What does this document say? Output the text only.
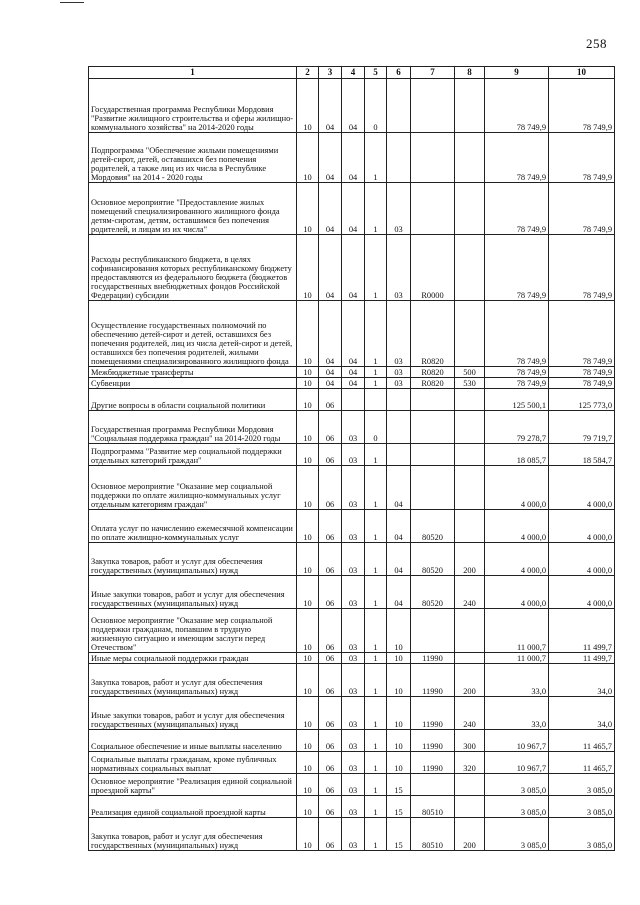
258
1	2	3	4	5	6	7	8	9	10
Государственная программа Республики Мордовия "Развитие жилищного строительства и сферы жилищно-коммунального хозяйства" на 2014-2020 годы	10	04	04	0				78 749,9	78 749,9
Подпрограмма "Обеспечение жильми помещениями детей-сирот, детей, оставшихся без попечения родителей, а также лиц из их числа в Республике Мордовия" на 2014 - 2020 годы	10	04	04	1				78 749,9	78 749,9
Основное мероприятие "Предоставление жилых помещений специализированного жилищного фонда детям-сиротам, детям, оставшимся без попечения родителей, и лицам из их числа"	10	04	04	1	03			78 749,9	78 749,9
Расходы республиканского бюджета, в целях софинансирования которых республиканскому бюджету предоставляются из федерального бюджета (бюджетов государственных внебюджетных фондов Российской Федерации) субсидии	10	04	04	1	03	R0000		78 749,9	78 749,9
Осуществление государственных полномочий по обеспечению детей-сирот и детей, оставшихся без попечения родителей, лиц из числа детей-сирот и детей, оставшихся без попечения родителей, жилыми помещениями специализированного жилищного фонда	10	04	04	1	03	R0820		78 749,9	78 749,9
Межбюджетные трансферты	10	04	04	1	03	R0820	500	78 749,9	78 749,9
Субвенции	10	04	04	1	03	R0820	530	78 749,9	78 749,9
Другие вопросы в области социальной политики	10	06						125 500,1	125 773,0
Государственная программа Республики Мордовия "Социальная поддержка граждан" на 2014-2020 годы	10	06	03	0				79 278,7	79 719,7
Подпрограмма "Развитие мер социальной поддержки отдельных категорий граждан"	10	06	03	1				18 085,7	18 584,7
Основное мероприятие "Оказание мер социальной поддержки по оплате жилищно-коммунальных услуг отдельным категориям граждан"	10	06	03	1	04			4 000,0	4 000,0
Оплата услуг по начислению ежемесячной компенсации по оплате жилищно-коммунальных услуг	10	06	03	1	04	80520		4 000,0	4 000,0
Закупка товаров, работ и услуг для обеспечения государственных (муниципальных) нужд	10	06	03	1	04	80520	200	4 000,0	4 000,0
Иные закупки товаров, работ и услуг для обеспечения государственных (муниципальных) нужд	10	06	03	1	04	80520	240	4 000,0	4 000,0
Основное мероприятие "Оказание мер социальной поддержки гражданам, попавшим в трудную жизненную ситуацию и имеющим заслуги перед Отечеством"	10	06	03	1	10			11 000,7	11 499,7
Иные меры социальной поддержки граждан	10	06	03	1	10	11990		11 000,7	11 499,7
Закупка товаров, работ и услуг для обеспечения государственных (муниципальных) нужд	10	06	03	1	10	11990	200	33,0	34,0
Иные закупки товаров, работ и услуг для обеспечения государственных (муниципальных) нужд	10	06	03	1	10	11990	240	33,0	34,0
Социальное обеспечение и иные выплаты населению	10	06	03	1	10	11990	300	10 967,7	11 465,7
Социальные выплаты гражданам, кроме публичных нормативных социальных выплат	10	06	03	1	10	11990	320	10 967,7	11 465,7
Основное мероприятие "Реализация единой социальной проездной карты"	10	06	03	1	15			3 085,0	3 085,0
Реализация единой социальной проездной карты	10	06	03	1	15	80510		3 085,0	3 085,0
Закупка товаров, работ и услуг для обеспечения государственных (муниципальных) нужд	10	06	03	1	15	80510	200	3 085,0	3 085,0
